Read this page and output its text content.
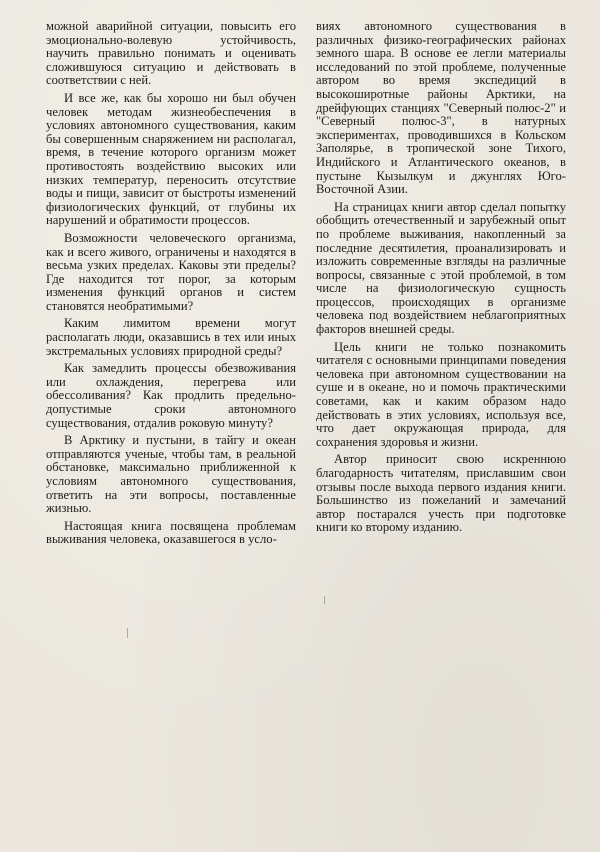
можной аварийной ситуации, повысить его эмоционально-волевую устойчивость, научить правильно понимать и оценивать сложившуюся ситуацию и действовать в соответствии с ней.

И все же, как бы хорошо ни был обучен человек методам жизнеобеспечения в условиях автономного существования, каким бы совершенным снаряжением ни располагал, время, в течение которого организм может противостоять воздействию высоких или низких температур, переносить отсутствие воды и пищи, зависит от быстроты изменений физиологических функций, от глубины их нарушений и обратимости процессов.

Возможности человеческого организма, как и всего живого, ограничены и находятся в весьма узких пределах. Каковы эти пределы? Где находится тот порог, за которым изменения функций органов и систем становятся необратимыми?

Каким лимитом времени могут располагать люди, оказавшись в тех или иных экстремальных условиях природной среды?

Как замедлить процессы обезвоживания или охлаждения, перегрева или обессоливания? Как продлить предельно-допустимые сроки автономного существования, отдалив роковую минуту?

В Арктику и пустыни, в тайгу и океан отправляются ученые, чтобы там, в реальной обстановке, максимально приближенной к условиям автономного существования, ответить на эти вопросы, поставленные жизнью.

Настоящая книга посвящена проблемам выживания человека, оказавшегося в усло-

виях автономного существования в различных физико-географических районах земного шара. В основе ее легли материалы исследований по этой проблеме, полученные автором во время экспедиций в высокоширотные районы Арктики, на дрейфующих станциях "Северный полюс-2" и "Северный полюс-3", в натурных экспериментах, проводившихся в Кольском Заполярье, в тропической зоне Тихого, Индийского и Атлантического океанов, в пустыне Кызылкум и джунглях Юго-Восточной Азии.

На страницах книги автор сделал попытку обобщить отечественный и зарубежный опыт по проблеме выживания, накопленный за последние десятилетия, проанализировать и изложить современные взгляды на различные вопросы, связанные с этой проблемой, в том числе на физиологическую сущность процессов, происходящих в организме человека под воздействием неблагоприятных факторов внешней среды.

Цель книги не только познакомить читателя с основными принципами поведения человека при автономном существовании на суше и в океане, но и помочь практическими советами, как и каким образом надо действовать в этих условиях, используя все, что дает окружающая природа, для сохранения здоровья и жизни.

Автор приносит свою искреннюю благодарность читателям, приславшим свои отзывы после выхода первого издания книги. Большинство из пожеланий и замечаний автор постарался учесть при подготовке книги ко второму изданию.
